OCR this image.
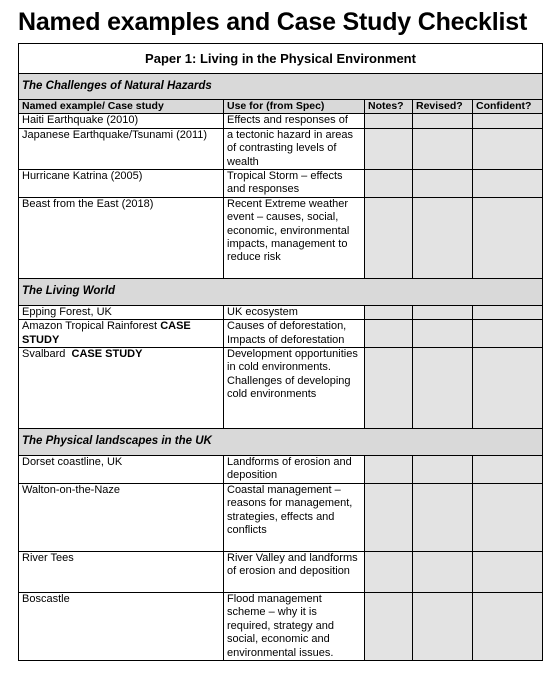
Named examples and Case Study Checklist
Paper 1: Living in the Physical Environment				
The Challenges of Natural Hazards				
Named example/ Case study	Use for (from Spec)	Notes?	Revised?	Confident?
Haiti Earthquake (2010)	Effects and responses of			
Japanese Earthquake/Tsunami (2011)	a tectonic hazard in areas of contrasting levels of wealth			
Hurricane Katrina (2005)	Tropical Storm – effects and responses			
Beast from the East (2018)	Recent Extreme weather event – causes, social, economic, environmental impacts, management to reduce risk			
The Living World				
Epping Forest, UK	UK ecosystem			
Amazon Tropical Rainforest CASE STUDY	Causes of deforestation, Impacts of deforestation			
Svalbard CASE STUDY	Development opportunities in cold environments. Challenges of developing cold environments			
The Physical landscapes in the UK				
Dorset coastline, UK	Landforms of erosion and deposition			
Walton-on-the-Naze	Coastal management – reasons for management, strategies, effects and conflicts			
River Tees	River Valley and landforms of erosion and deposition			
Boscastle	Flood management scheme – why it is required, strategy and social, economic and environmental issues.			
